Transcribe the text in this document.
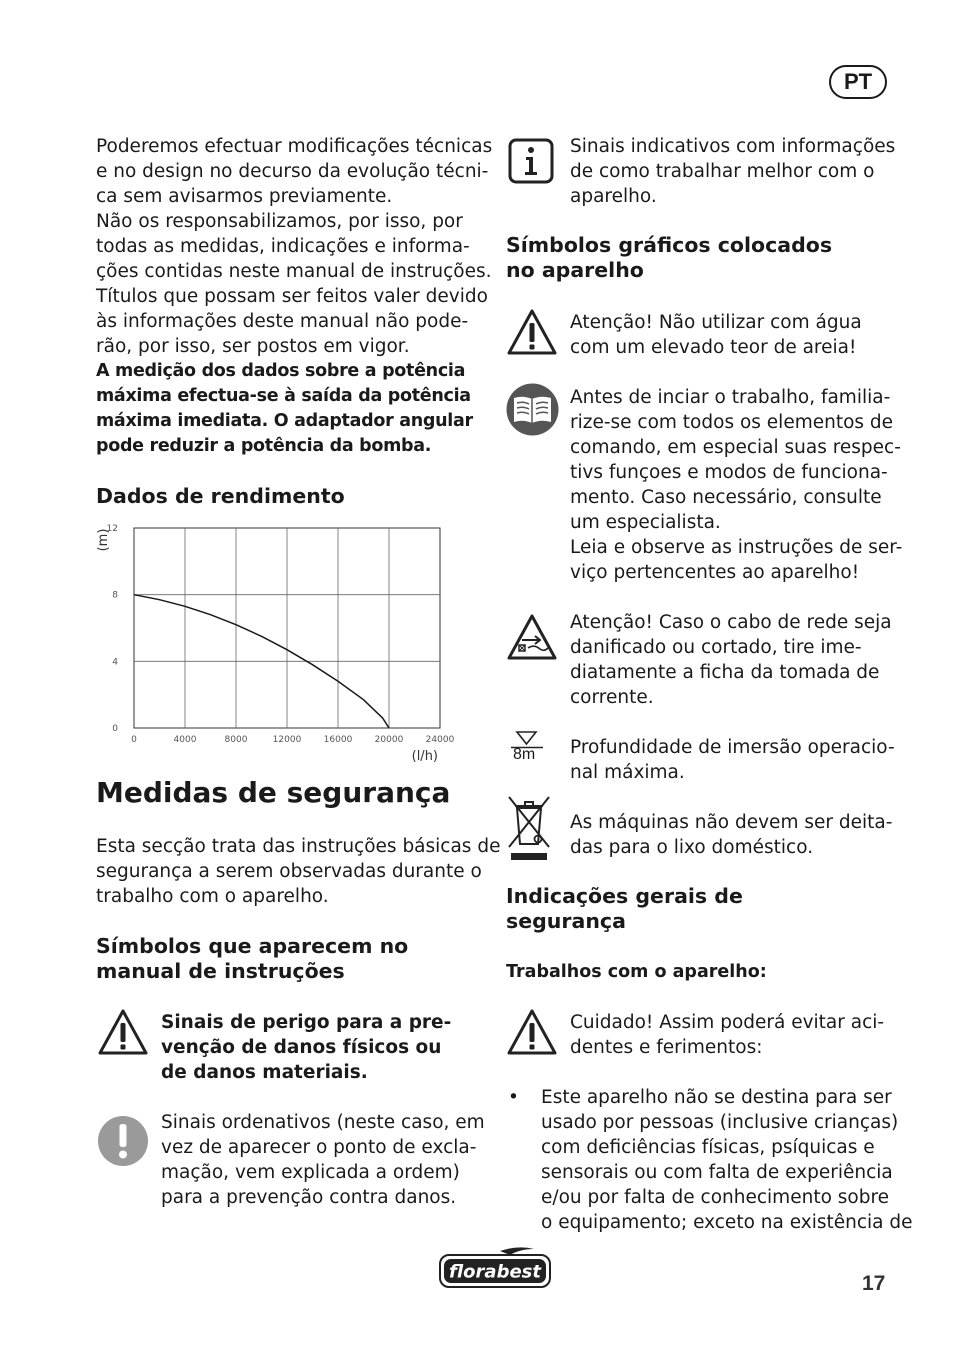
PT
Poderemos efectuar modificações técnicas
e no design no decurso da evolução técni-
ca sem avisarmos previamente.
Não os responsabilizamos, por isso, por
todas as medidas, indicações e informa-
ções contidas neste manual de instruções.
Títulos que possam ser feitos valer devido
às informações deste manual não pode-
rão, por isso, ser postos em vigor.
A medição dos dados sobre a potência
máxima efectua-se à saída da potência
máxima imediata. O adaptador angular
pode reduzir a potência da bomba.
Dados de rendimento
0	4000	8000	12000 16000 20000 24000
0
4
8
12
(m)
(l/h)
Medidas de segurança
Esta secção trata das instruções básicas de
segurança a serem observadas durante o
trabalho com o aparelho.
Símbolos que aparecem no
manual de instruções
Sinais de perigo para a pre-
venção de danos físicos ou
de danos materiais.
Sinais ordenativos (neste caso, em
vez de aparecer o ponto de excla-
mação, vem explicada a ordem)
para a prevenção contra danos.
Sinais indicativos com informações
de como trabalhar melhor com o
aparelho.
Símbolos gráficos colocados
no aparelho
Atenção! Não utilizar com água
com um elevado teor de areia!
Antes de inciar o trabalho, familia-
rize-se com todos os elementos de
comando, em especial suas respec-
tivs funçoes e modos de funciona-
mento. Caso necessário, consulte
um especialista.
Leia e observe as instruções de ser-
viço pertencentes ao aparelho!
Atenção! Caso o cabo de rede seja
danificado ou cortado, tire ime-
diatamente a ficha da tomada de
corrente.
8m Profundidade de imersão operacio-
nal máxima.
As máquinas não devem ser deita-
das para o lixo doméstico.
Indicações gerais de
segurança
Trabalhos com o aparelho:
Cuidado! Assim poderá evitar aci-
dentes e ferimentos:
• Este aparelho não se destina para ser
usado por pessoas (inclusive crianças)
com deficiências físicas, psíquicas e
sensorais ou com falta de experiência
e/ou por falta de conhecimento sobre
o equipamento; exceto na existência de
florabest	17
